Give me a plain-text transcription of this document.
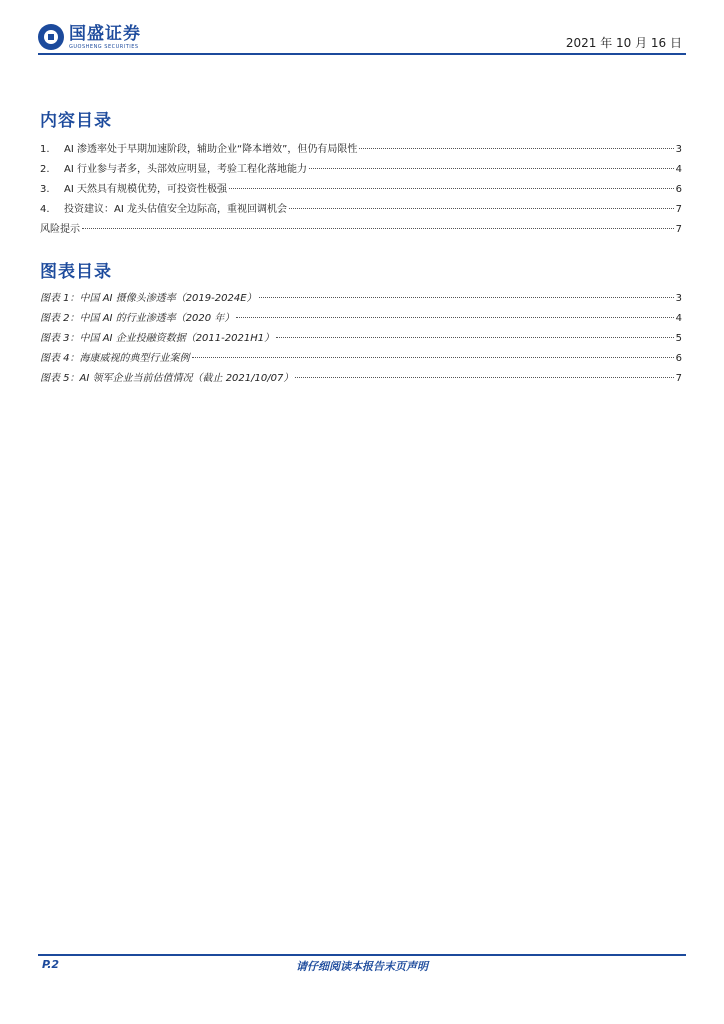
国盛证券
GUOSHENG SECURITIES	2021 年 10 月 16 日
内容目录
1.	AI 渗透率处于早期加速阶段，辅助企业“降本增效”，但仍有局限性	3
2.	AI 行业参与者多，头部效应明显，考验工程化落地能力	4
3.	AI 天然具有规模优势，可投资性极强	6
4.	投资建议：AI 龙头估值安全边际高，重视回调机会	7
风险提示	7
图表目录
图表 1：中国 AI 摄像头渗透率（2019-2024E）	3
图表 2：中国 AI 的行业渗透率（2020 年）	4
图表 3：中国 AI 企业投融资数据（2011-2021H1）	5
图表 4：海康威视的典型行业案例	6
图表 5：AI 领军企业当前估值情况（截止 2021/10/07）	7
P.2	请仔细阅读本报告末页声明
